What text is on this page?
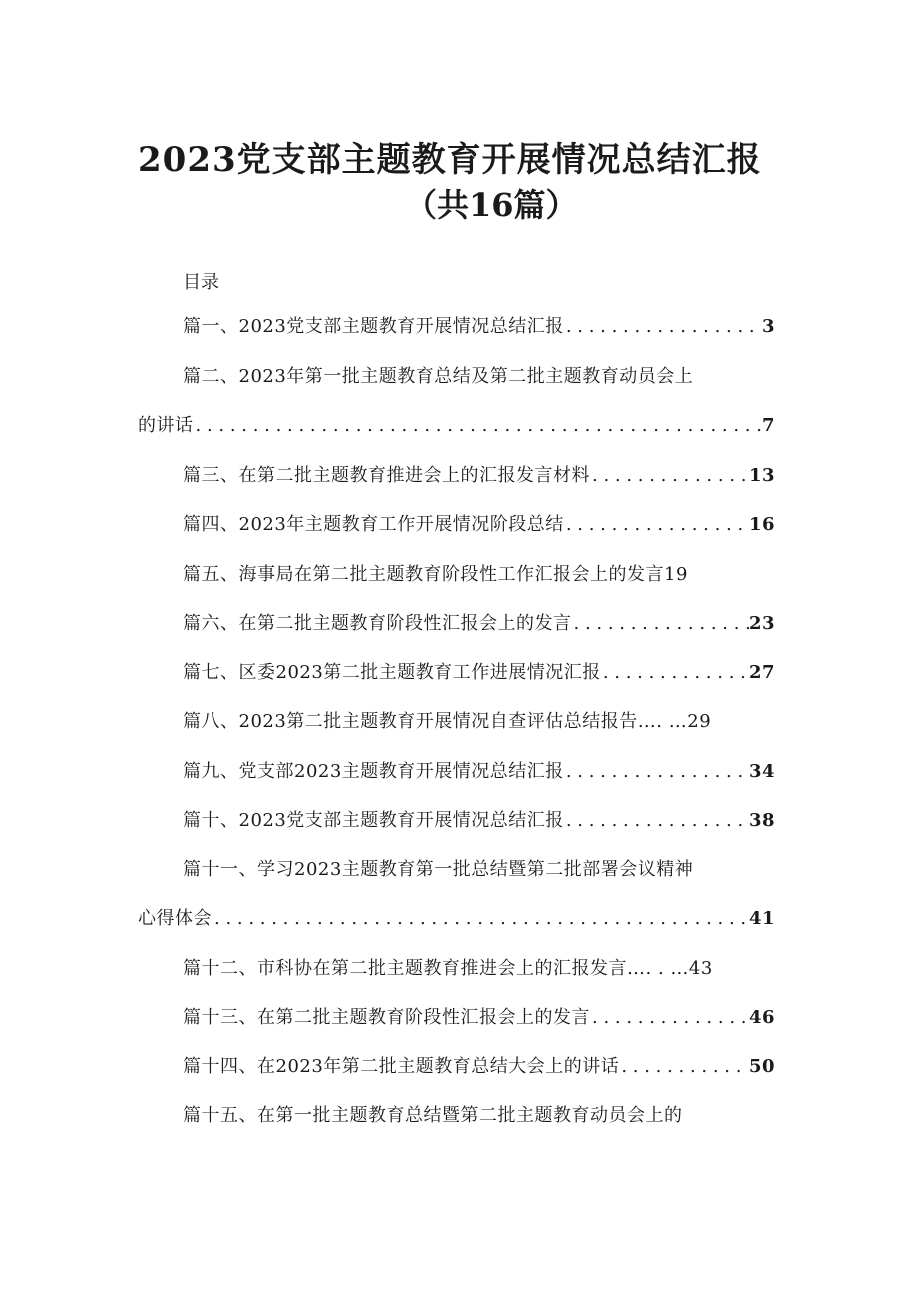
2023党支部主题教育开展情况总结汇报
（共16篇）
目录
篇一、2023党支部主题教育开展情况总结汇报 . . .	3
篇二、2023年第一批主题教育总结及第二批主题教育动员会上
的讲话 . . .	7
篇三、在第二批主题教育推进会上的汇报发言材料 . . .	13
篇四、2023年主题教育工作开展情况阶段总结 . . .	16
篇五、海事局在第二批主题教育阶段性工作汇报会上的发言19
篇六、在第二批主题教育阶段性汇报会上的发言 . . .	23
篇七、区委2023第二批主题教育工作进展情况汇报 . . .	27
篇八、2023第二批主题教育开展情况自查评估总结报告…. …29
篇九、党支部2023主题教育开展情况总结汇报 . . .	34
篇十、2023党支部主题教育开展情况总结汇报 . . .	38
篇十一、学习2023主题教育第一批总结暨第二批部署会议精神
心得体会 . . .	41
篇十二、市科协在第二批主题教育推进会上的汇报发言…. . …43
篇十三、在第二批主题教育阶段性汇报会上的发言 . . .	46
篇十四、在2023年第二批主题教育总结大会上的讲话 . . .	50
篇十五、在第一批主题教育总结暨第二批主题教育动员会上的
